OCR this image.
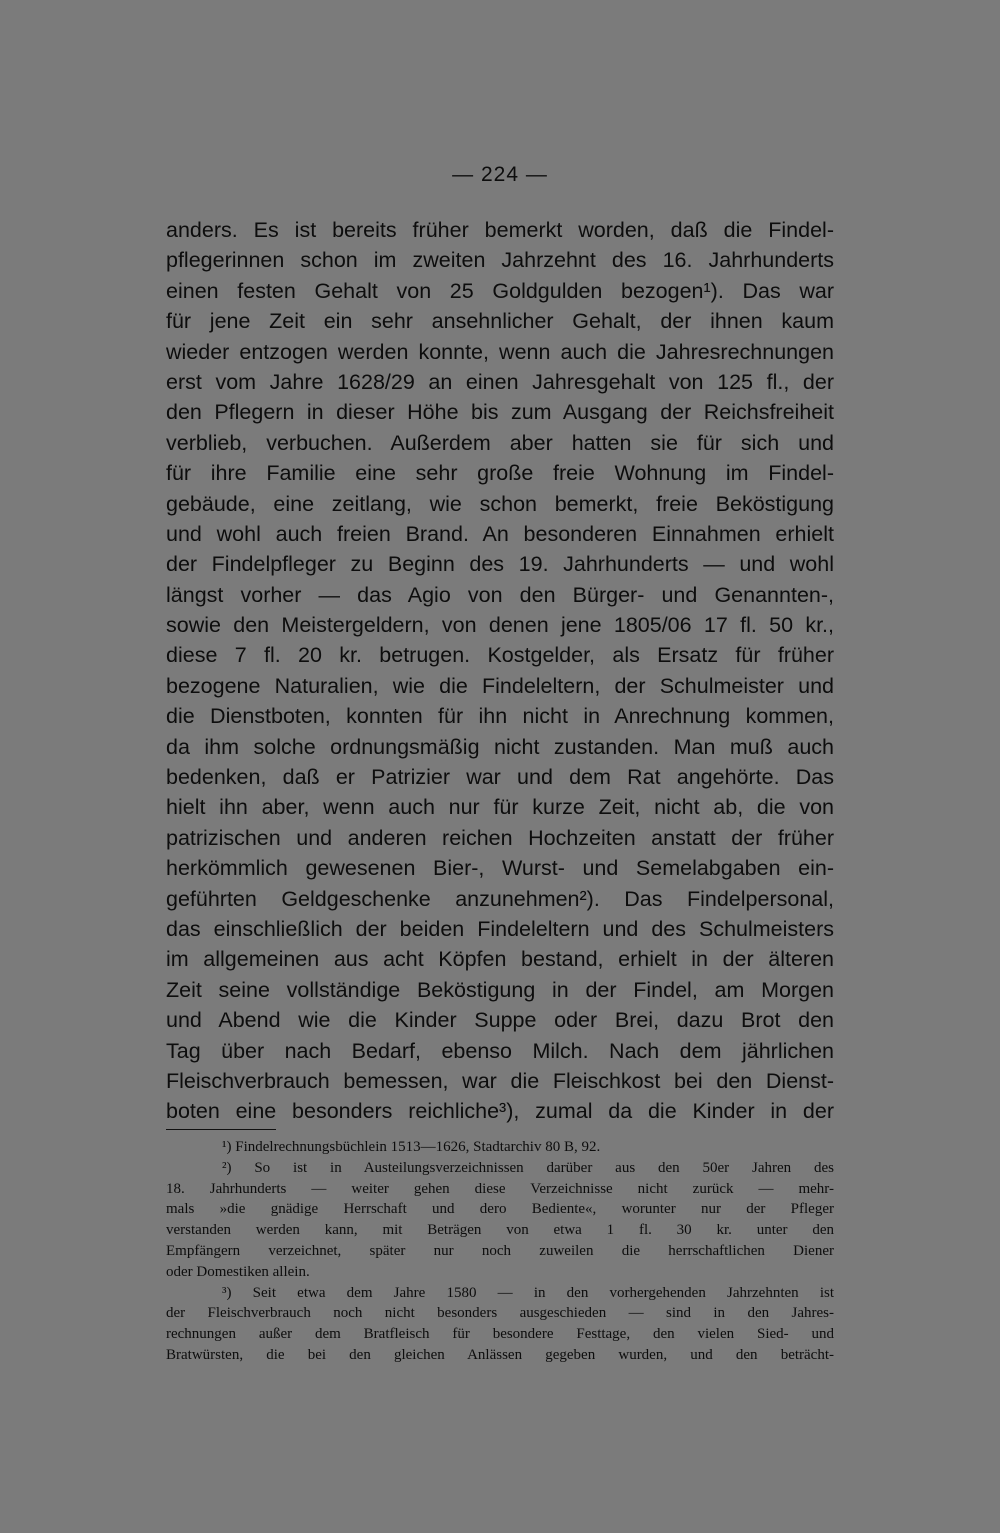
— 224 —
anders. Es ist bereits früher bemerkt worden, daß die Findel-
pflegerinnen schon im zweiten Jahrzehnt des 16. Jahrhunderts
einen festen Gehalt von 25 Goldgulden bezogen¹). Das war
für jene Zeit ein sehr ansehnlicher Gehalt, der ihnen kaum
wieder entzogen werden konnte, wenn auch die Jahresrechnungen
erst vom Jahre 1628/29 an einen Jahresgehalt von 125 fl., der
den Pflegern in dieser Höhe bis zum Ausgang der Reichsfreiheit
verblieb, verbuchen. Außerdem aber hatten sie für sich und
für ihre Familie eine sehr große freie Wohnung im Findel-
gebäude, eine zeitlang, wie schon bemerkt, freie Beköstigung
und wohl auch freien Brand. An besonderen Einnahmen erhielt
der Findelpfleger zu Beginn des 19. Jahrhunderts — und wohl
längst vorher — das Agio von den Bürger- und Genannten-,
sowie den Meistergeldern, von denen jene 1805/06 17 fl. 50 kr.,
diese 7 fl. 20 kr. betrugen. Kostgelder, als Ersatz für früher
bezogene Naturalien, wie die Findeleltern, der Schulmeister und
die Dienstboten, konnten für ihn nicht in Anrechnung kommen,
da ihm solche ordnungsmäßig nicht zustanden. Man muß auch
bedenken, daß er Patrizier war und dem Rat angehörte. Das
hielt ihn aber, wenn auch nur für kurze Zeit, nicht ab, die von
patrizischen und anderen reichen Hochzeiten anstatt der früher
herkömmlich gewesenen Bier-, Wurst- und Semelabgaben ein-
geführten Geldgeschenke anzunehmen²). Das Findelpersonal,
das einschließlich der beiden Findeleltern und des Schulmeisters
im allgemeinen aus acht Köpfen bestand, erhielt in der älteren
Zeit seine vollständige Beköstigung in der Findel, am Morgen
und Abend wie die Kinder Suppe oder Brei, dazu Brot den
Tag über nach Bedarf, ebenso Milch. Nach dem jährlichen
Fleischverbrauch bemessen, war die Fleischkost bei den Dienst-
boten eine besonders reichliche³), zumal da die Kinder in der
¹) Findelrechnungsbüchlein 1513—1626, Stadtarchiv 80 B, 92.
²) So ist in Austeilungsverzeichnissen darüber aus den 50er Jahren des
18. Jahrhunderts — weiter gehen diese Verzeichnisse nicht zurück — mehr-
mals »die gnädige Herrschaft und dero Bediente«, worunter nur der Pfleger
verstanden werden kann, mit Beträgen von etwa 1 fl. 30 kr. unter den
Empfängern verzeichnet, später nur noch zuweilen die herrschaftlichen Diener
oder Domestiken allein.
³) Seit etwa dem Jahre 1580 — in den vorhergehenden Jahrzehnten ist
der Fleischverbrauch noch nicht besonders ausgeschieden — sind in den Jahres-
rechnungen außer dem Bratfleisch für besondere Festtage, den vielen Sied- und
Bratwürsten, die bei den gleichen Anlässen gegeben wurden, und den beträcht-
